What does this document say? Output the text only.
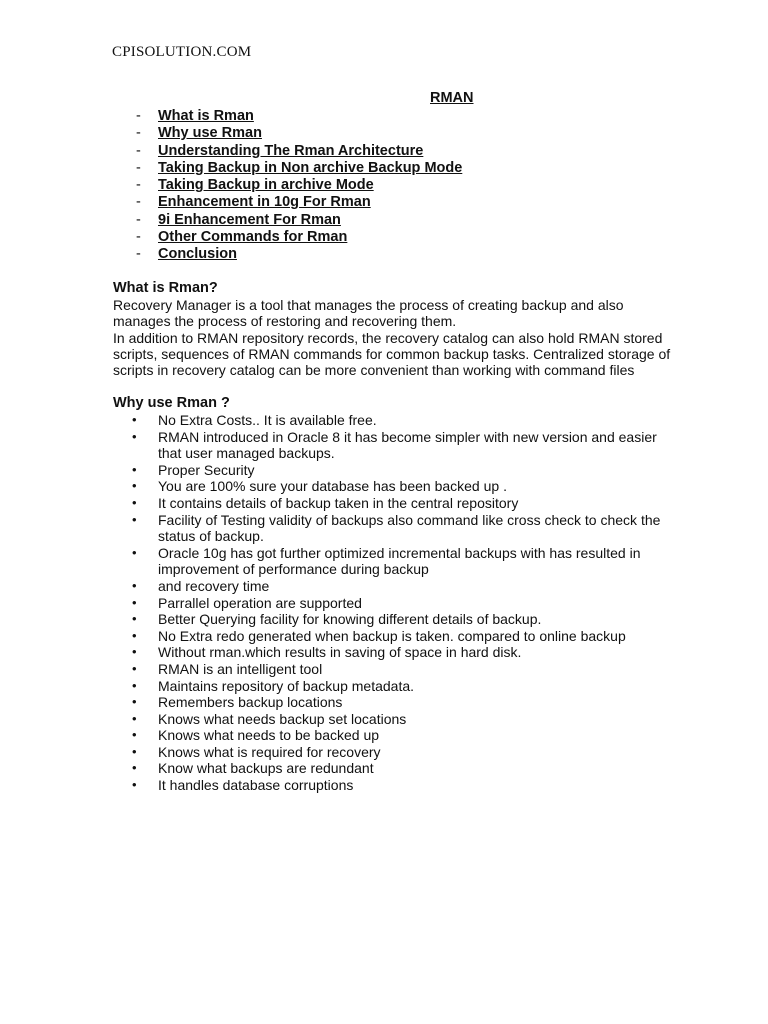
CPISOLUTION.COM
RMAN
- What is Rman
- Why use Rman
- Understanding The Rman Architecture
- Taking Backup in Non archive Backup Mode
- Taking Backup in archive Mode
- Enhancement in 10g For Rman
- 9i Enhancement For Rman
- Other Commands for Rman
- Conclusion
What is Rman?

Recovery Manager is a tool that manages the process of creating backup and also manages the process of restoring and recovering them.

In addition to RMAN repository records, the recovery catalog can also hold RMAN stored scripts, sequences of RMAN commands for common backup tasks. Centralized storage of scripts in recovery catalog can be more convenient than working with command files

Why use Rman ?
• No Extra Costs.. It is available free.
• RMAN introduced in Oracle 8 it has become simpler with new version and easier that user managed backups.
• Proper Security
• You are 100% sure your database has been backed up .
• It contains details of backup taken in the central repository
• Facility of Testing validity of backups also command like cross check to check the status of backup.
• Oracle 10g has got further optimized incremental backups with has resulted in improvement of performance during backup
• and recovery time
• Parrallel operation are supported
• Better Querying facility for knowing different details of backup.
• No Extra redo generated when backup is taken. compared to online backup
• Without rman.which results in saving of space in hard disk.
• RMAN is an intelligent tool
• Maintains repository of backup metadata.
• Remembers backup locations
• Knows what needs backup set locations
• Knows what needs to be backed up
• Knows what is required for recovery
• Know what backups are redundant
• It handles database corruptions
